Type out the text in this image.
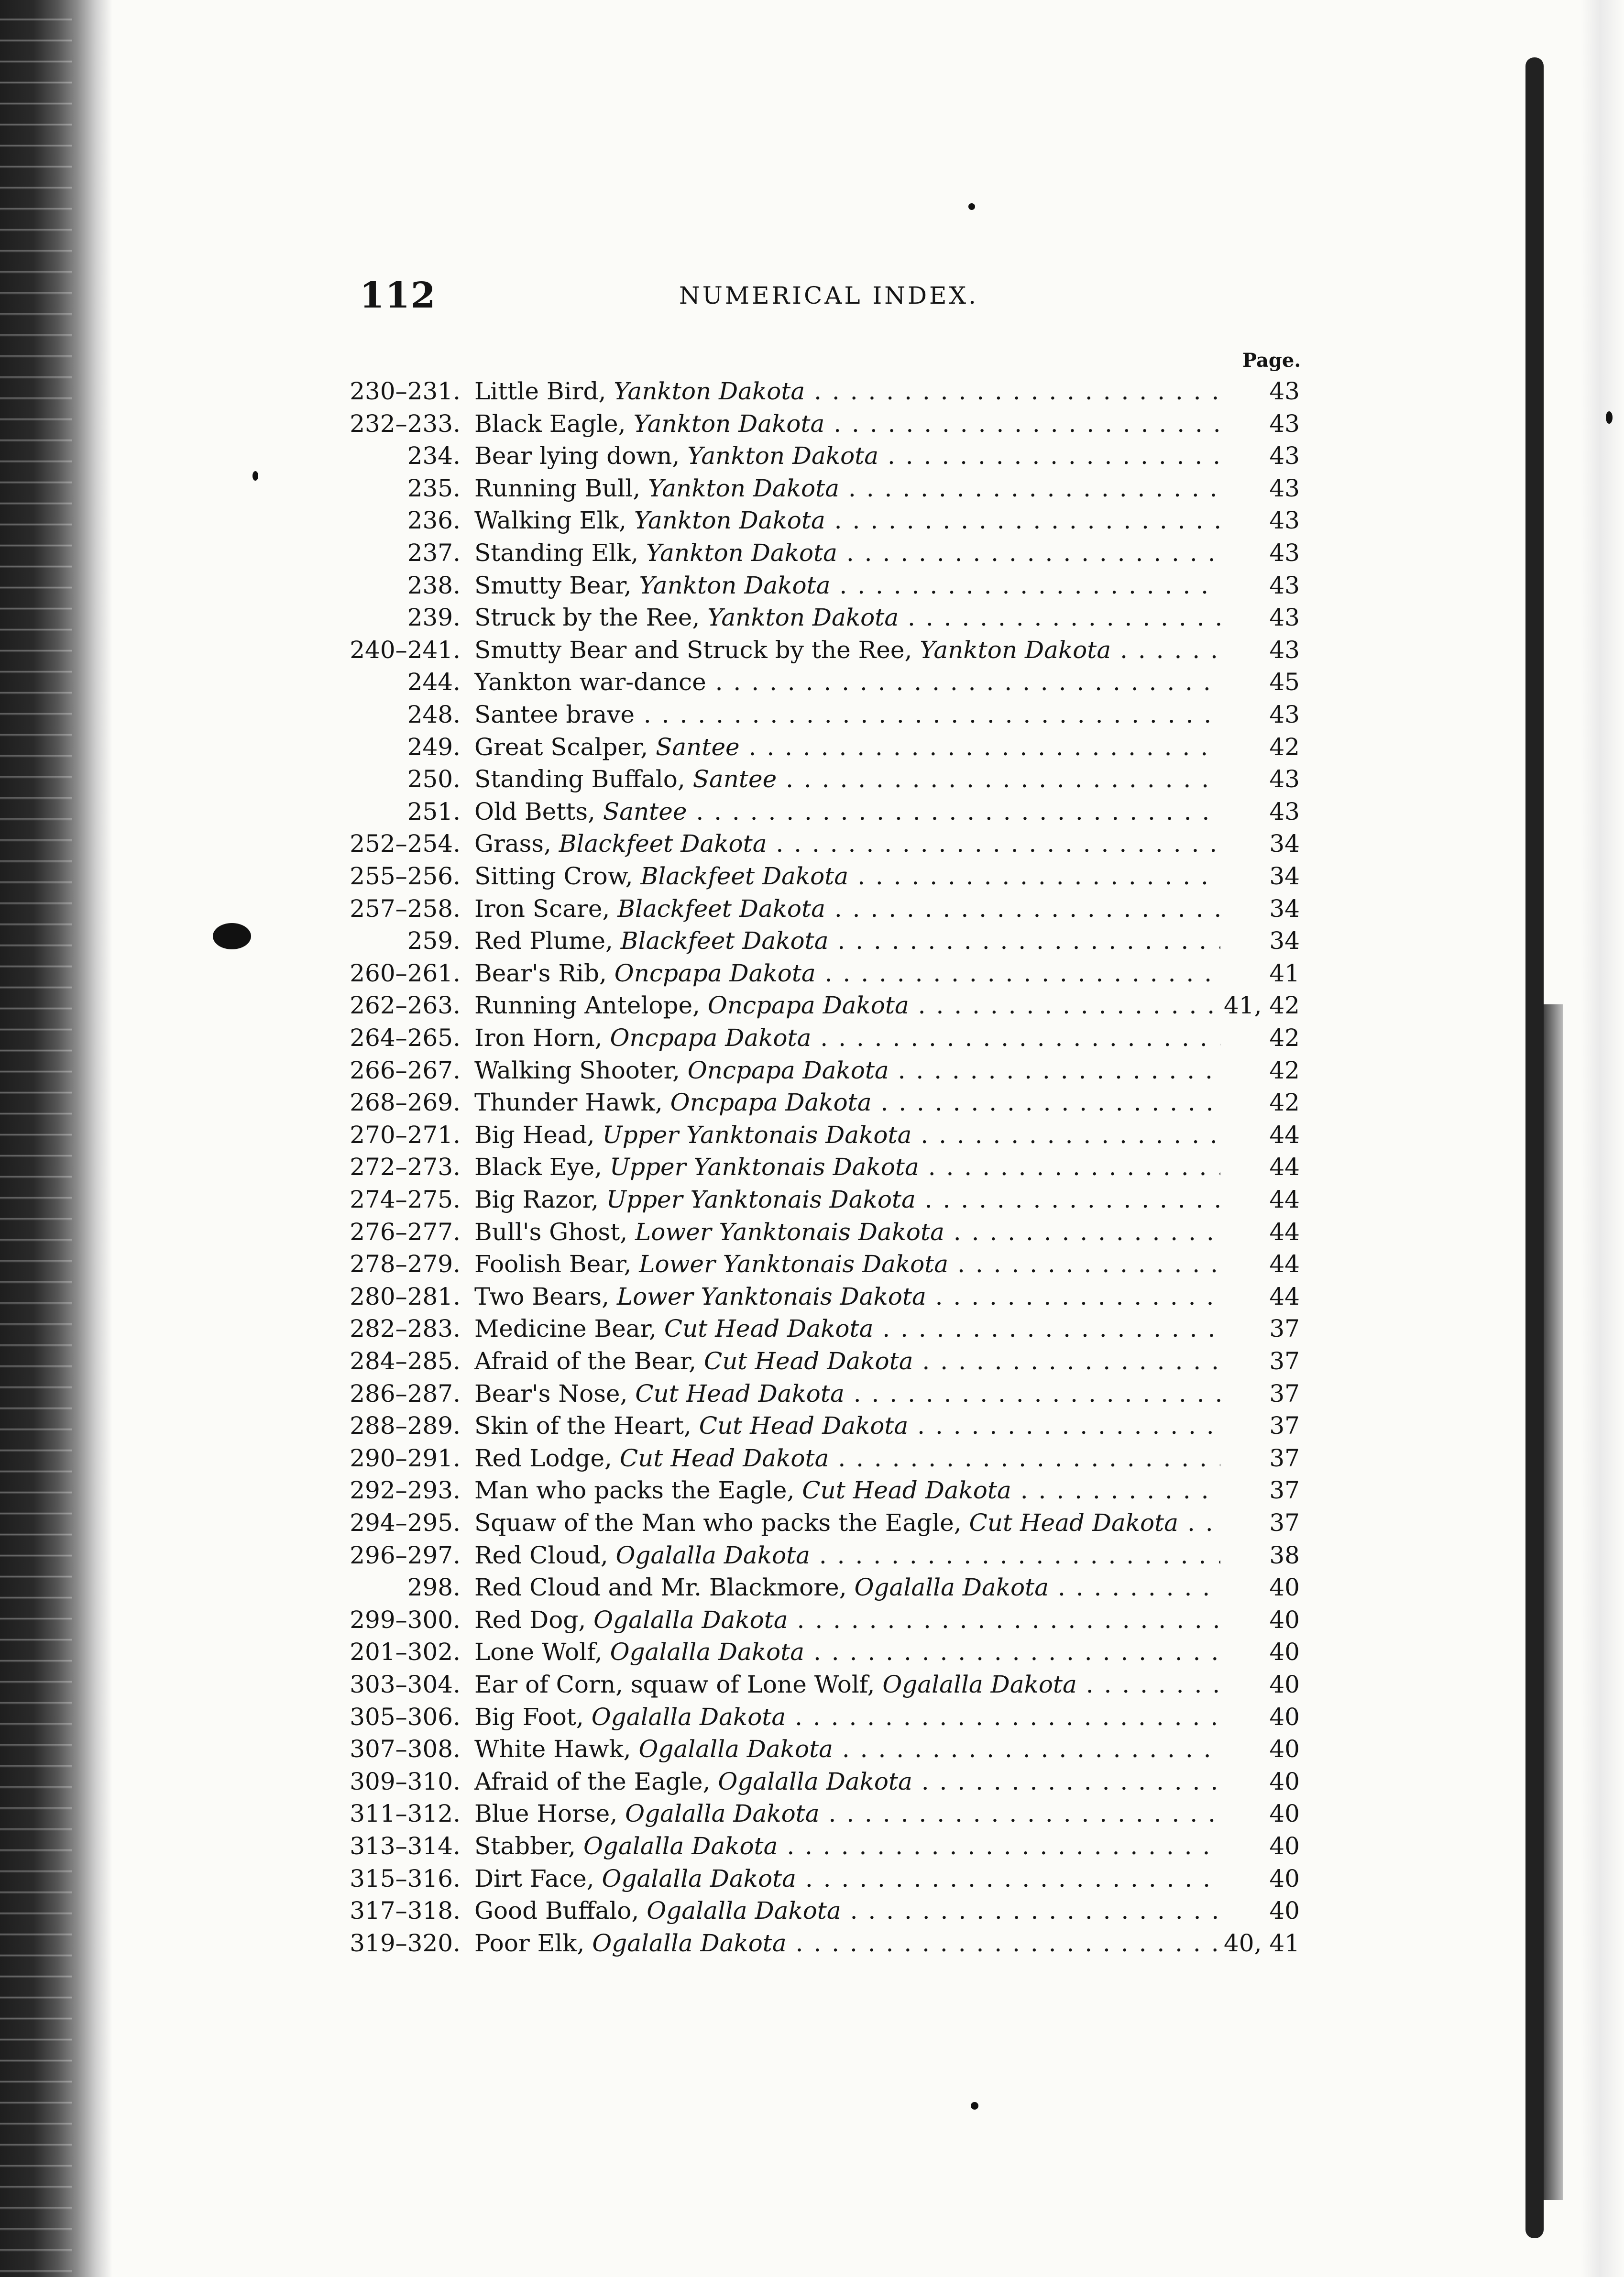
112	NUMERICAL INDEX.
Page.
230–231. Little Bird, Yankton Dakota . . .	43
232–233. Black Eagle, Yankton Dakota . . .	43
234. Bear lying down, Yankton Dakota . . .	43
235. Running Bull, Yankton Dakota . . .	43
236. Walking Elk, Yankton Dakota . . .	43
237. Standing Elk, Yankton Dakota . . .	43
238. Smutty Bear, Yankton Dakota . . .	43
239. Struck by the Ree, Yankton Dakota . . .	43
240–241. Smutty Bear and Struck by the Ree, Yankton Dakota . . .	43
244. Yankton war-dance . . .	45
248. Santee brave . . .	43
249. Great Scalper, Santee . . .	42
250. Standing Buffalo, Santee . . .	43
251. Old Betts, Santee . . .	43
252–254. Grass, Blackfeet Dakota . . .	34
255–256. Sitting Crow, Blackfeet Dakota . . .	34
257–258. Iron Scare, Blackfeet Dakota . . .	34
259. Red Plume, Blackfeet Dakota . . .	34
260–261. Bear's Rib, Oncpapa Dakota . . .	41
262–263. Running Antelope, Oncpapa Dakota . . .	41, 42
264–265. Iron Horn, Oncpapa Dakota . . .	42
266–267. Walking Shooter, Oncpapa Dakota . . .	42
268–269. Thunder Hawk, Oncpapa Dakota . . .	42
270–271. Big Head, Upper Yanktonais Dakota . . .	44
272–273. Black Eye, Upper Yanktonais Dakota . . .	44
274–275. Big Razor, Upper Yanktonais Dakota . . .	44
276–277. Bull's Ghost, Lower Yanktonais Dakota . . .	44
278–279. Foolish Bear, Lower Yanktonais Dakota . . .	44
280–281. Two Bears, Lower Yanktonais Dakota . . .	44
282–283. Medicine Bear, Cut Head Dakota . . .	37
284–285. Afraid of the Bear, Cut Head Dakota . . .	37
286–287. Bear's Nose, Cut Head Dakota . . .	37
288–289. Skin of the Heart, Cut Head Dakota . . .	37
290–291. Red Lodge, Cut Head Dakota . . .	37
292–293. Man who packs the Eagle, Cut Head Dakota . . .	37
294–295. Squaw of the Man who packs the Eagle, Cut Head Dakota . . .	37
296–297. Red Cloud, Ogalalla Dakota . . .	38
298. Red Cloud and Mr. Blackmore, Ogalalla Dakota . . .	40
299–300. Red Dog, Ogalalla Dakota . . .	40
201–302. Lone Wolf, Ogalalla Dakota . . .	40
303–304. Ear of Corn, squaw of Lone Wolf, Ogalalla Dakota . . .	40
305–306. Big Foot, Ogalalla Dakota . . .	40
307–308. White Hawk, Ogalalla Dakota . . .	40
309–310. Afraid of the Eagle, Ogalalla Dakota . . .	40
311–312. Blue Horse, Ogalalla Dakota . . .	40
313–314. Stabber, Ogalalla Dakota . . .	40
315–316. Dirt Face, Ogalalla Dakota . . .	40
317–318. Good Buffalo, Ogalalla Dakota . . .	40
319–320. Poor Elk, Ogalalla Dakota . . .	40, 41
